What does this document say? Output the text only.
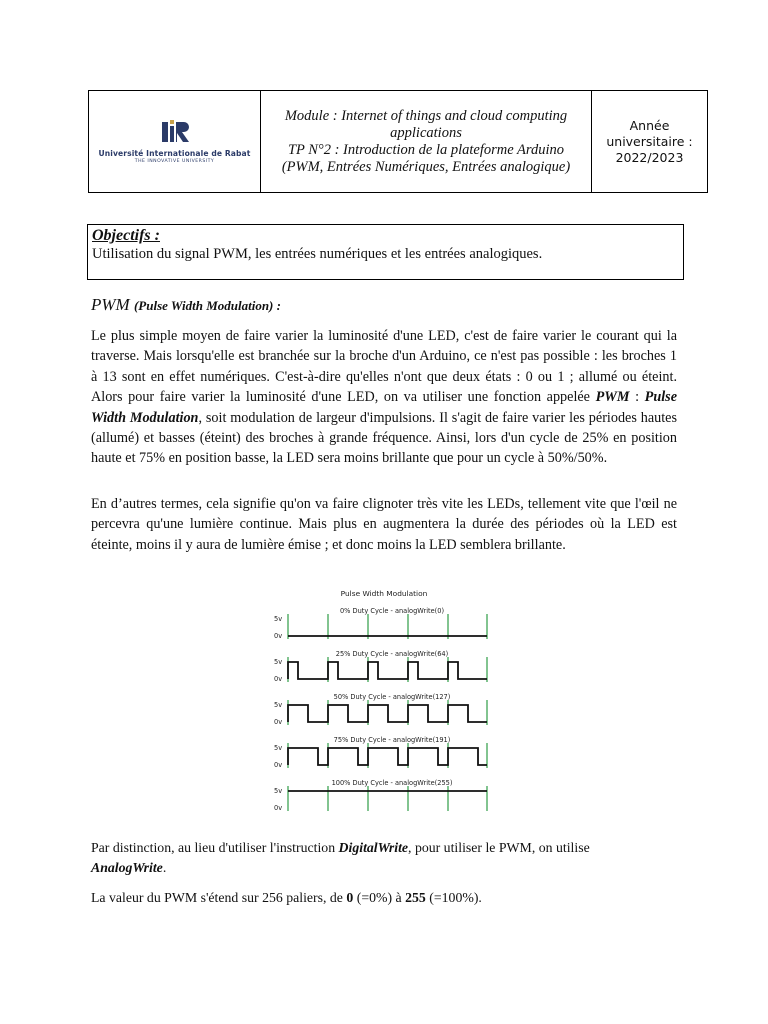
Université Internationale de Rabat
THE INNOVATIVE UNIVERSITY
Module : Internet of things and cloud computing
applications
TP N°2 : Introduction de la plateforme Arduino
(PWM, Entrées Numériques, Entrées analogique)
Année
universitaire :
2022/2023
Objectifs :
Utilisation du signal PWM, les entrées numériques et les entrées analogiques.
PWM (Pulse Width Modulation) :

Le plus simple moyen de faire varier la luminosité d'une LED, c'est de faire varier le courant qui la traverse. Mais lorsqu'elle est branchée sur la broche d'un Arduino, ce n'est pas possible : les broches 1 à 13 sont en effet numériques. C'est-à-dire qu'elles n'ont que deux états : 0 ou 1 ; allumé ou éteint. Alors pour faire varier la luminosité d'une LED, on va utiliser une fonction appelée PWM : Pulse Width Modulation, soit modulation de largeur d'impulsions. Il s'agit de faire varier les périodes hautes (allumé) et basses (éteint) des broches à grande fréquence. Ainsi, lors d'un cycle de 25% en position haute et 75% en position basse, la LED sera moins brillante que pour un cycle à 50%/50%.

En d’autres termes, cela signifie qu'on va faire clignoter très vite les LEDs, tellement vite que l'œil ne percevra qu'une lumière continue. Mais plus en augmentera la durée des périodes où la LED est éteinte, moins il y aura de lumière émise ; et donc moins la LED semblera brillante.

Pulse Width Modulation
0% Duty Cycle - analogWrite(0)
5v
0v
25% Duty Cycle - analogWrite(64)
5v
0v
50% Duty Cycle - analogWrite(127)
5v
0v
75% Duty Cycle - analogWrite(191)
5v
0v
100% Duty Cycle - analogWrite(255)
5v
0v

Par distinction, au lieu d'utiliser l'instruction DigitalWrite, pour utiliser le PWM, on utilise
AnalogWrite.

La valeur du PWM s'étend sur 256 paliers, de 0 (=0%) à 255 (=100%).
